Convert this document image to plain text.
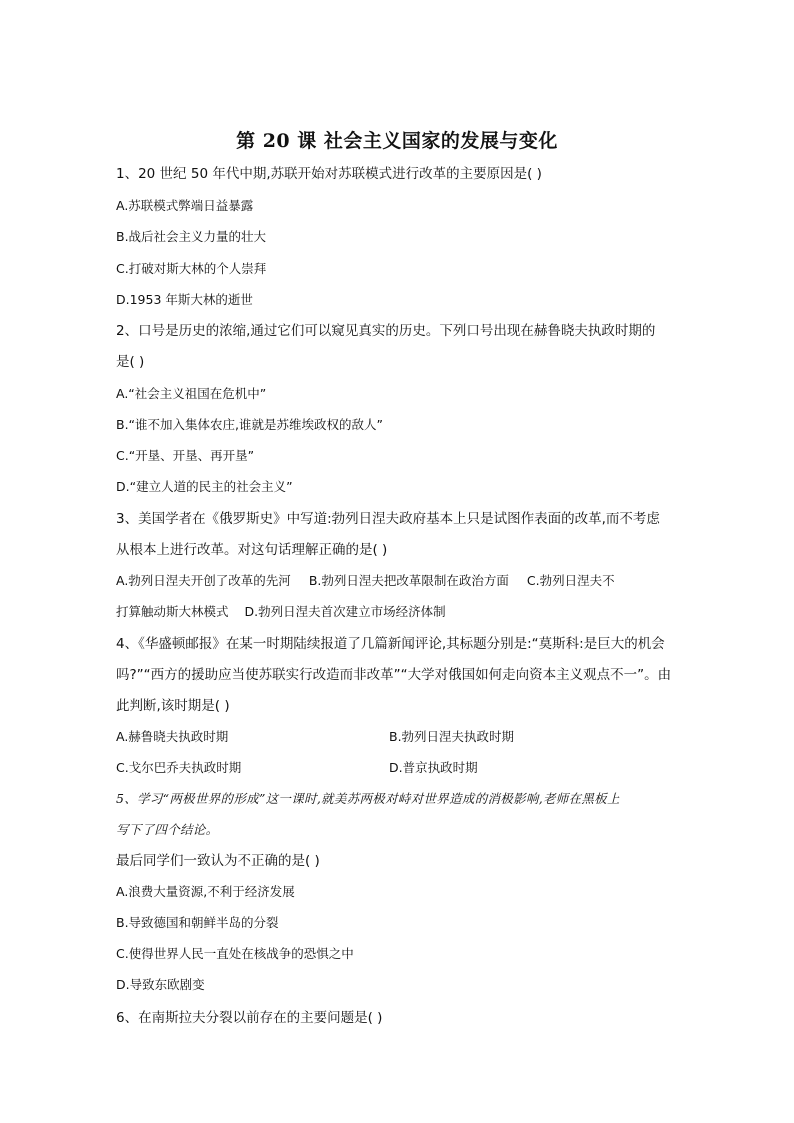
第 20 课 社会主义国家的发展与变化
1、20 世纪 50 年代中期,苏联开始对苏联模式进行改革的主要原因是( )
A.苏联模式弊端日益暴露
B.战后社会主义力量的壮大
C.打破对斯大林的个人崇拜
D.1953 年斯大林的逝世
2、口号是历史的浓缩,通过它们可以窥见真实的历史。下列口号出现在赫鲁晓夫执政时期的
是( )
A.“社会主义祖国在危机中”
B.“谁不加入集体农庄,谁就是苏维埃政权的敌人”
C.“开垦、开垦、再开垦”
D.“建立人道的民主的社会主义”
3、美国学者在《俄罗斯史》中写道:勃列日涅夫政府基本上只是试图作表面的改革,而不考虑
从根本上进行改革。对这句话理解正确的是( )
A.勃列日涅夫开创了改革的先河 B.勃列日涅夫把改革限制在政治方面 C.勃列日涅夫不
打算触动斯大林模式 D.勃列日涅夫首次建立市场经济体制
4、《华盛顿邮报》在某一时期陆续报道了几篇新闻评论,其标题分别是:“莫斯科:是巨大的机会
吗?”“西方的援助应当使苏联实行改造而非改革”“大学对俄国如何走向资本主义观点不一”。由
此判断,该时期是( )
A.赫鲁晓夫执政时期	B.勃列日涅夫执政时期
C.戈尔巴乔夫执政时期	D.普京执政时期
5、学习“两极世界的形成”这一课时,就美苏两极对峙对世界造成的消极影响,老师在黑板上
写下了四个结论。
最后同学们一致认为不正确的是( )
A.浪费大量资源,不利于经济发展
B.导致德国和朝鲜半岛的分裂
C.使得世界人民一直处在核战争的恐惧之中
D.导致东欧剧变
6、在南斯拉夫分裂以前存在的主要问题是( )
